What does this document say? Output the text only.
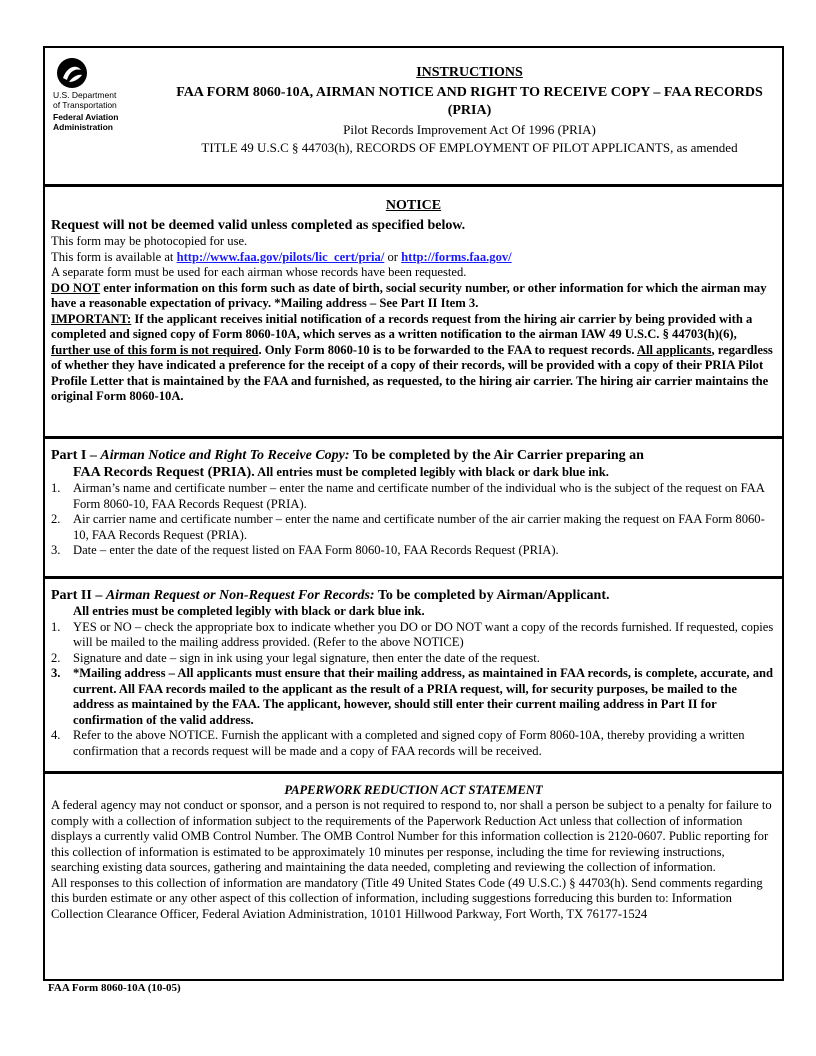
U.S. Department
of Transportation
Federal Aviation
Administration
INSTRUCTIONS
FAA FORM 8060-10A, AIRMAN NOTICE AND RIGHT TO RECEIVE COPY – FAA RECORDS (PRIA)
Pilot Records Improvement Act Of 1996 (PRIA)
TITLE 49 U.S.C § 44703(h), RECORDS OF EMPLOYMENT OF PILOT APPLICANTS, as amended
NOTICE
Request will not be deemed valid unless completed as specified below.

This form may be photocopied for use.

This form is available at http://www.faa.gov/pilots/lic_cert/pria/ or http://forms.faa.gov/

A separate form must be used for each airman whose records have been requested.

DO NOT enter information on this form such as date of birth, social security number, or other information for which the airman may have a reasonable expectation of privacy. *Mailing address – See Part II Item 3.

IMPORTANT: If the applicant receives initial notification of a records request from the hiring air carrier by being provided with a completed and signed copy of Form 8060-10A, which serves as a written notification to the airman IAW 49 U.S.C. § 44703(h)(6), further use of this form is not required. Only Form 8060-10 is to be forwarded to the FAA to request records. All applicants, regardless of whether they have indicated a preference for the receipt of a copy of their records, will be provided with a copy of their PRIA Pilot Profile Letter that is maintained by the FAA and furnished, as requested, to the hiring air carrier. The hiring air carrier maintains the original Form 8060-10A.

Part I – Airman Notice and Right To Receive Copy: To be completed by the Air Carrier preparing an
FAA Records Request (PRIA). All entries must be completed legibly with black or dark blue ink.
1. Airman’s name and certificate number – enter the name and certificate number of the individual who is the subject of the request on FAA Form 8060-10, FAA Records Request (PRIA).
2. Air carrier name and certificate number – enter the name and certificate number of the air carrier making the request on FAA Form 8060-10, FAA Records Request (PRIA).
3. Date – enter the date of the request listed on FAA Form 8060-10, FAA Records Request (PRIA).
Part II – Airman Request or Non-Request For Records: To be completed by Airman/Applicant.
All entries must be completed legibly with black or dark blue ink.
1. YES or NO – check the appropriate box to indicate whether you DO or DO NOT want a copy of the records furnished. If requested, copies will be mailed to the mailing address provided. (Refer to the above NOTICE)
2. Signature and date – sign in ink using your legal signature, then enter the date of the request.
3. *Mailing address – All applicants must ensure that their mailing address, as maintained in FAA records, is complete, accurate, and current. All FAA records mailed to the applicant as the result of a PRIA request, will, for security purposes, be mailed to the address as maintained by the FAA. The applicant, however, should still enter their current mailing address in Part II for confirmation of the valid address.
4. Refer to the above NOTICE. Furnish the applicant with a completed and signed copy of Form 8060-10A, thereby providing a written confirmation that a records request will be made and a copy of FAA records will be received.
PAPERWORK REDUCTION ACT STATEMENT

A federal agency may not conduct or sponsor, and a person is not required to respond to, nor shall a person be subject to a penalty for failure to comply with a collection of information subject to the requirements of the Paperwork Reduction Act unless that collection of information displays a currently valid OMB Control Number. The OMB Control Number for this information collection is 2120-0607. Public reporting for this collection of information is estimated to be approximately 10 minutes per response, including the time for reviewing instructions, searching existing data sources, gathering and maintaining the data needed, completing and reviewing the collection of information.

All responses to this collection of information are mandatory (Title 49 United States Code (49 U.S.C.) § 44703(h). Send comments regarding this burden estimate or any other aspect of this collection of information, including suggestions forreducing this burden to: Information Collection Clearance Officer, Federal Aviation Administration, 10101 Hillwood Parkway, Fort Worth, TX 76177-1524

FAA Form 8060-10A (10-05)
